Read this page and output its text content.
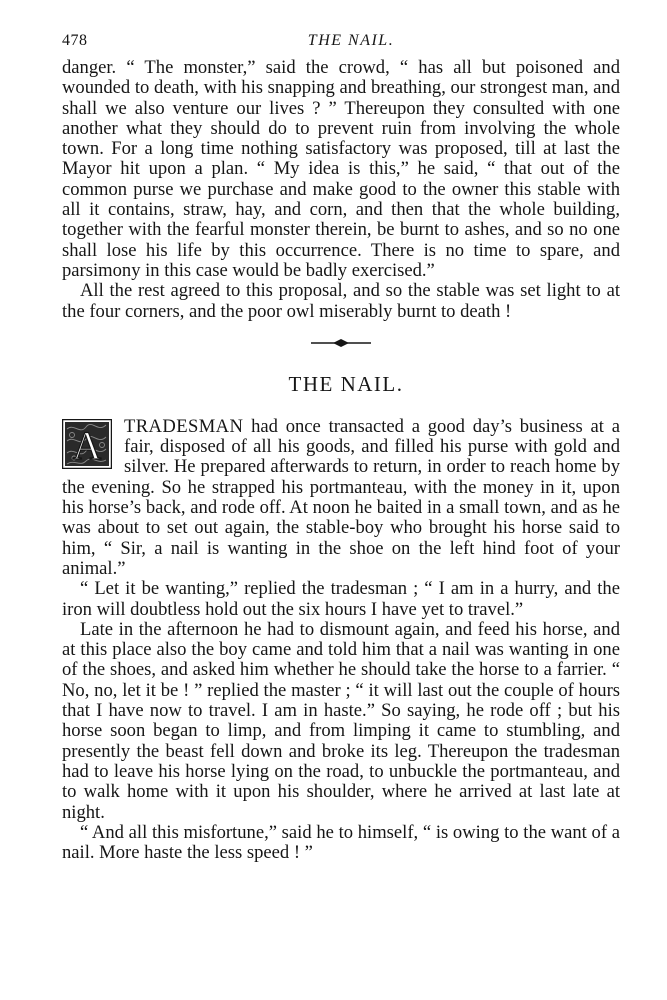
478	THE NAIL.

danger. “ The monster,” said the crowd, “ has all but poisoned and wounded to death, with his snapping and breathing, our strongest man, and shall we also venture our lives ? ” Thereupon they consulted with one another what they should do to prevent ruin from involving the whole town. For a long time nothing satisfactory was proposed, till at last the Mayor hit upon a plan. “ My idea is this,” he said, “ that out of the common purse we purchase and make good to the owner this stable with all it contains, straw, hay, and corn, and then that the whole building, together with the fearful monster therein, be burnt to ashes, and so no one shall lose his life by this occurrence. There is no time to spare, and parsimony in this case would be badly exercised.”

All the rest agreed to this proposal, and so the stable was set light to at the four corners, and the poor owl miserably burnt to death !

THE NAIL.

A TRADESMAN had once transacted a good day’s business at a fair, disposed of all his goods, and filled his purse with gold and silver. He prepared afterwards to return, in order to reach home by the evening. So he strapped his portmanteau, with the money in it, upon his horse’s back, and rode off. At noon he baited in a small town, and as he was about to set out again, the stable-boy who brought his horse said to him, “ Sir, a nail is wanting in the shoe on the left hind foot of your animal.”

“ Let it be wanting,” replied the tradesman ; “ I am in a hurry, and the iron will doubtless hold out the six hours I have yet to travel.”

Late in the afternoon he had to dismount again, and feed his horse, and at this place also the boy came and told him that a nail was wanting in one of the shoes, and asked him whether he should take the horse to a farrier. “ No, no, let it be ! ” replied the master ; “ it will last out the couple of hours that I have now to travel. I am in haste.” So saying, he rode off ; but his horse soon began to limp, and from limping it came to stumbling, and presently the beast fell down and broke its leg. Thereupon the tradesman had to leave his horse lying on the road, to unbuckle the portmanteau, and to walk home with it upon his shoulder, where he arrived at last late at night.

“ And all this misfortune,” said he to himself, “ is owing to the want of a nail. More haste the less speed ! ”
